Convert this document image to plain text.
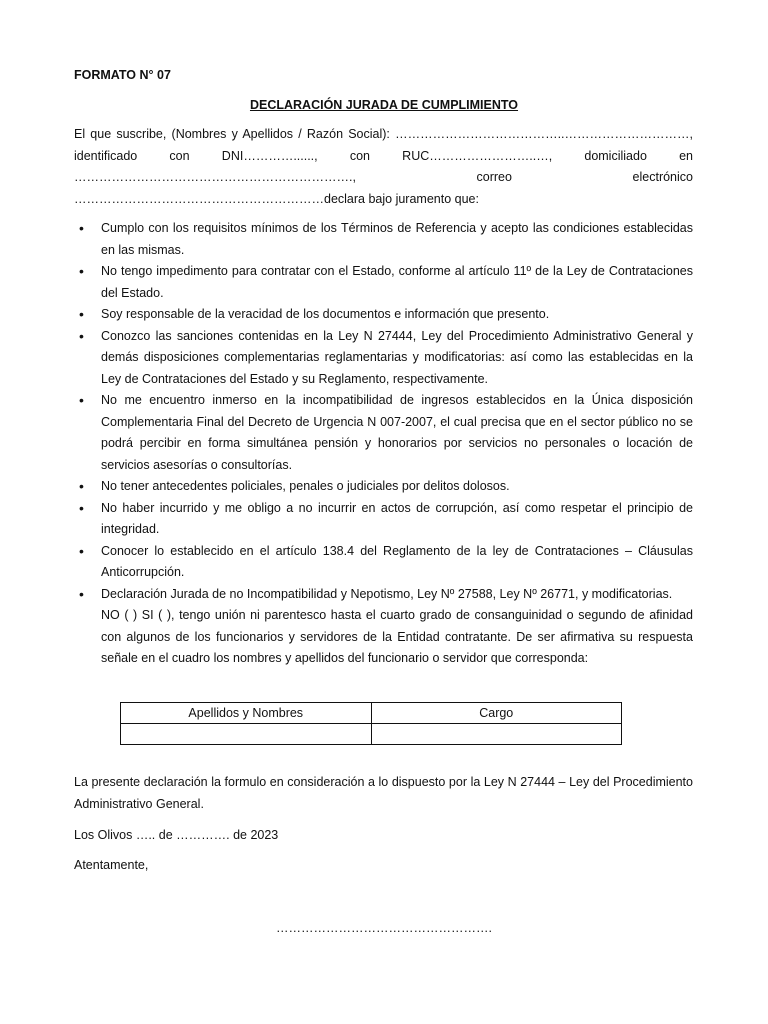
FORMATO N° 07

DECLARACIÓN JURADA DE CUMPLIMIENTO

El que suscribe, (Nombres y Apellidos / Razón Social): …………………………………..…………………………,
identificado con DNI…………......, con RUC……………………..…, domiciliado en
…………………………………………………………., correo electrónico
……………………………………………………declara bajo juramento que:
• Cumplo con los requisitos mínimos de los Términos de Referencia y acepto las condiciones establecidas en las mismas.
• No tengo impedimento para contratar con el Estado, conforme al artículo 11º de la Ley de Contrataciones del Estado.
• Soy responsable de la veracidad de los documentos e información que presento.
• Conozco las sanciones contenidas en la Ley N 27444, Ley del Procedimiento Administrativo General y demás disposiciones complementarias reglamentarias y modificatorias: así como las establecidas en la Ley de Contrataciones del Estado y su Reglamento, respectivamente.
• No me encuentro inmerso en la incompatibilidad de ingresos establecidos en la Única disposición Complementaria Final del Decreto de Urgencia N 007-2007, el cual precisa que en el sector público no se podrá percibir en forma simultánea pensión y honorarios por servicios no personales o locación de servicios asesorías o consultorías.
• No tener antecedentes policiales, penales o judiciales por delitos dolosos.
• No haber incurrido y me obligo a no incurrir en actos de corrupción, así como respetar el principio de integridad.
• Conocer lo establecido en el artículo 138.4 del Reglamento de la ley de Contrataciones – Cláusulas Anticorrupción.
• Declaración Jurada de no Incompatibilidad y Nepotismo, Ley Nº 27588, Ley Nº 26771, y modificatorias.
NO ( ) SI ( ), tengo unión ni parentesco hasta el cuarto grado de consanguinidad o segundo de afinidad con algunos de los funcionarios y servidores de la Entidad contratante. De ser afirmativa su respuesta señale en el cuadro los nombres y apellidos del funcionario o servidor que corresponda:
Apellidos y Nombres	Cargo

La presente declaración la formulo en consideración a lo dispuesto por la Ley N 27444 – Ley del Procedimiento Administrativo General.

Los Olivos ….. de …………. de 2023

Atentamente,

…………………………………………….
